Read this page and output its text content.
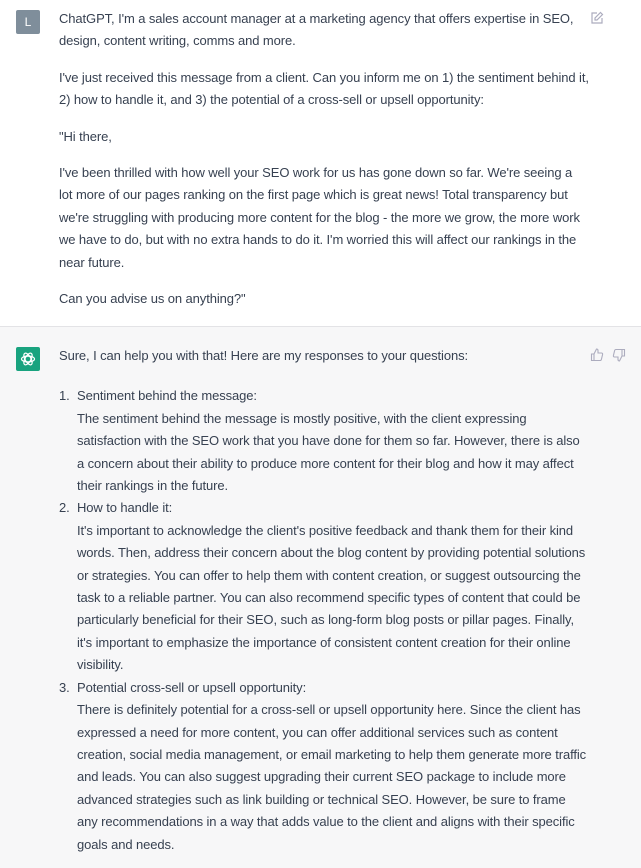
L ChatGPT, I'm a sales account manager at a marketing agency that offers expertise in SEO, design, content writing, comms and more.

I've just received this message from a client. Can you inform me on 1) the sentiment behind it, 2) how to handle it, and 3) the potential of a cross-sell or upsell opportunity:

"Hi there,

I've been thrilled with how well your SEO work for us has gone down so far. We're seeing a lot more of our pages ranking on the first page which is great news! Total transparency but we're struggling with producing more content for the blog - the more we grow, the more work we have to do, but with no extra hands to do it. I'm worried this will affect our rankings in the near future.

Can you advise us on anything?"

Sure, I can help you with that! Here are my responses to your questions:

1. Sentiment behind the message:
The sentiment behind the message is mostly positive, with the client expressing satisfaction with the SEO work that you have done for them so far. However, there is also a concern about their ability to produce more content for their blog and how it may affect their rankings in the future.
2. How to handle it:
It's important to acknowledge the client's positive feedback and thank them for their kind words. Then, address their concern about the blog content by providing potential solutions or strategies. You can offer to help them with content creation, or suggest outsourcing the task to a reliable partner. You can also recommend specific types of content that could be particularly beneficial for their SEO, such as long-form blog posts or pillar pages. Finally, it's important to emphasize the importance of consistent content creation for their online visibility.
3. Potential cross-sell or upsell opportunity:
There is definitely potential for a cross-sell or upsell opportunity here. Since the client has expressed a need for more content, you can offer additional services such as content creation, social media management, or email marketing to help them generate more traffic and leads. You can also suggest upgrading their current SEO package to include more advanced strategies such as link building or technical SEO. However, be sure to frame any recommendations in a way that adds value to the client and aligns with their specific goals and needs.
